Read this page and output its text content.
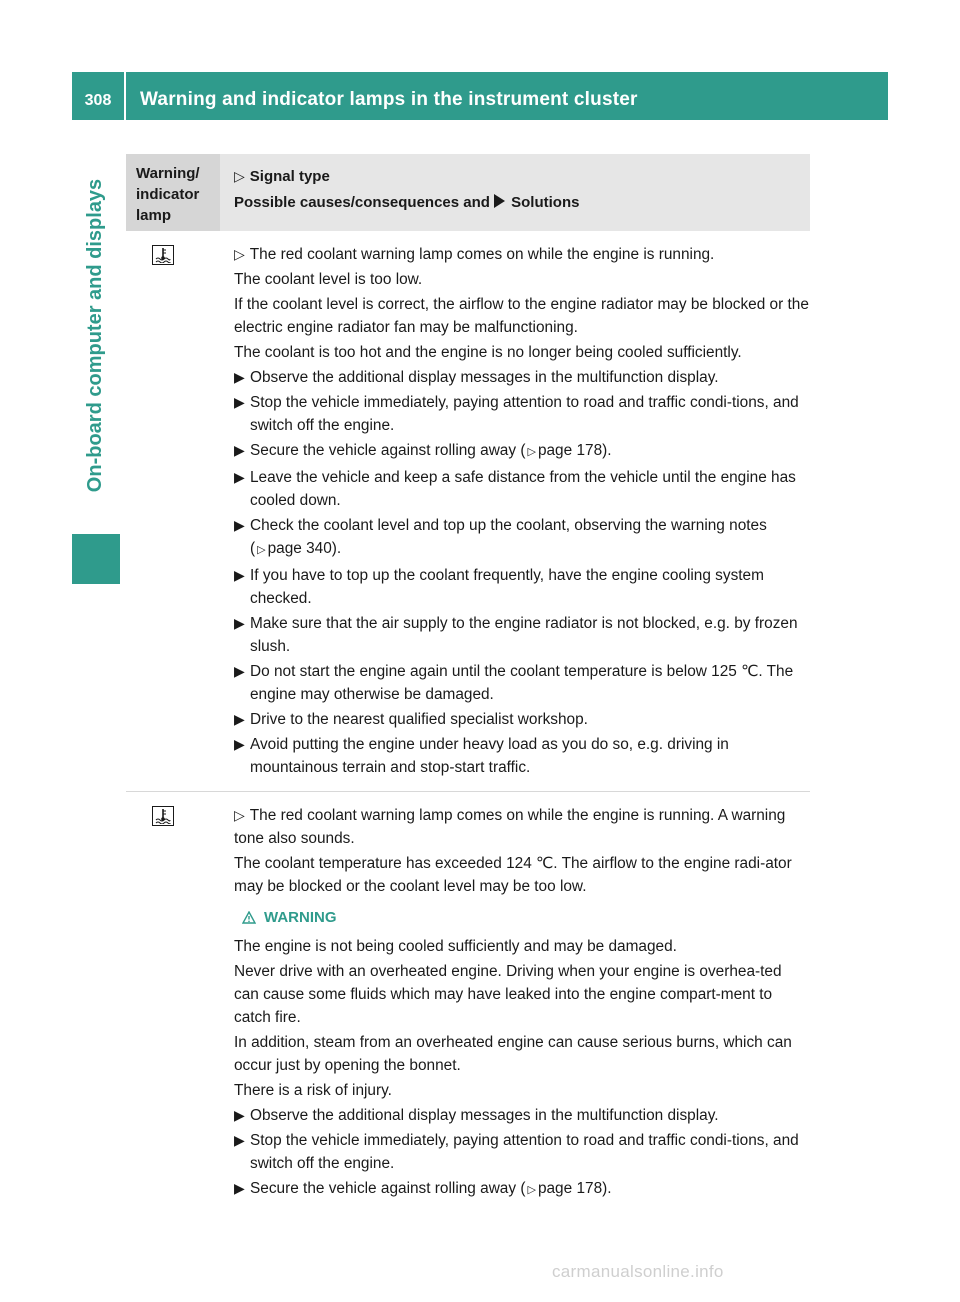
308	Warning and indicator lamps in the instrument cluster
On-board computer and displays
Warning/ indicator lamp
▷ Signal type
Possible causes/consequences and Solutions

▷ The red coolant warning lamp comes on while the engine is running.

The coolant level is too low.

If the coolant level is correct, the airflow to the engine radiator may be blocked or the electric engine radiator fan may be malfunctioning.

The coolant is too hot and the engine is no longer being cooled sufficiently.

▶ Observe the additional display messages in the multifunction display.
▶ Stop the vehicle immediately, paying attention to road and traffic condi-tions, and switch off the engine.
▶ Secure the vehicle against rolling away ( ▷ page 178).
▶ Leave the vehicle and keep a safe distance from the vehicle until the engine has cooled down.
▶ Check the coolant level and top up the coolant, observing the warning notes ( ▷ page 340).
▶ If you have to top up the coolant frequently, have the engine cooling system checked.
▶ Make sure that the air supply to the engine radiator is not blocked, e.g. by frozen slush.
▶ Do not start the engine again until the coolant temperature is below 125 ℃. The engine may otherwise be damaged.
▶ Drive to the nearest qualified specialist workshop.
▶ Avoid putting the engine under heavy load as you do so, e.g. driving in mountainous terrain and stop-start traffic.

▷ The red coolant warning lamp comes on while the engine is running. A warning tone also sounds.

The coolant temperature has exceeded 124 ℃. The airflow to the engine radi-ator may be blocked or the coolant level may be too low.

WARNING

The engine is not being cooled sufficiently and may be damaged.

Never drive with an overheated engine. Driving when your engine is overhea-ted can cause some fluids which may have leaked into the engine compart-ment to catch fire.

In addition, steam from an overheated engine can cause serious burns, which can occur just by opening the bonnet.

There is a risk of injury.

▶ Observe the additional display messages in the multifunction display.
▶ Stop the vehicle immediately, paying attention to road and traffic condi-tions, and switch off the engine.
▶ Secure the vehicle against rolling away ( ▷ page 178).
carmanualsonline.info
